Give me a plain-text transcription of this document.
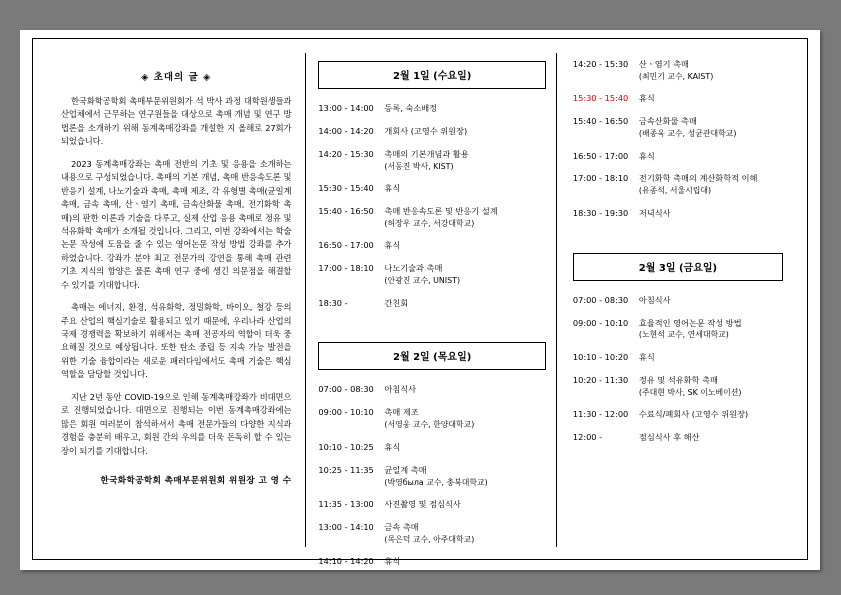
◈ 초대의 글 ◈

한국화학공학회 촉매부문위원회가 석 박사 과정 대학원생들과 산업체에서 근무하는 연구원들을 대상으로 촉매 개념 및 연구 방법론을 소개하기 위해 동계촉매강좌를 개설한 지 올해로 27회가 되었습니다.

2023 동계촉매강좌는 촉매 전반의 기초 및 응용을 소개하는 내용으로 구성되었습니다. 촉매의 기본 개념, 촉매 반응속도론 및 반응기 설계, 나노기술과 촉매, 촉매 제조, 각 유형별 촉매(균일계 촉매, 금속 촉매, 산ㆍ염기 촉매, 금속산화물 촉매, 전기화학 촉매)의 판한 이론과 기술을 다루고, 실제 산업 응용 촉매로 정유 및 석유화학 촉매가 소개될 것입니다. 그리고, 이번 강좌에서는 학술논문 작성에 도움을 줄 수 있는 영어논문 작성 방법 강좌를 추가하였습니다. 강좌가 분야 최고 전문가의 강연을 통해 촉매 관련 기초 지식의 함양은 물론 촉매 연구 중에 생긴 의문점을 해결할 수 있기를 기대합니다.

촉매는 에너지, 환경, 석유화학, 정밀화학, 바이오, 철강 등의 주요 산업의 핵심기술로 활용되고 있기 때문에, 우리나라 산업의 국제 경쟁력을 확보하기 위해서는 촉매 전공자의 역할이 더욱 중요해질 것으로 예상됩니다. 또한 탄소 중립 등 지속 가능 발전을 위한 기술 융합이라는 새로운 패러다임에서도 촉매 기술은 핵심 역할을 담당할 것입니다.

지난 2년 동안 COVID-19으로 인해 동계촉매강좌가 비대면으로 진행되었습니다. 대면으로 진행되는 이번 동계촉매강좌에는 많은 회원 여러분이 참석하셔서 촉매 전문가들의 다양한 지식과 경험을 충분히 배우고, 회원 간의 우의를 더욱 돈독히 할 수 있는 장이 되기를 기대합니다.

한국화학공학회 촉매부문위원회 위원장 고 영 수
2월 1일 (수요일)
13:00 - 14:00	등록, 숙소배정
14:00 - 14:20	개회사 (고영수 위원장)
14:20 - 15:30	촉매의 기본개념과 활용
(서동진 박사, KIST)

15:30 - 15:40	휴식
15:40 - 16:50	촉매 반응속도론 및 반응기 설계
(허장우 교수, 서강대학교)

16:50 - 17:00	휴식
17:00 - 18:10	나노기술과 촉매
(안광진 교수, UNIST)

18:30 -	간친회
2월 2일 (목요일)
07:00 - 08:30	아침식사
09:00 - 10:10	촉매 제조
(서영웅 교수, 한양대학교)

10:10 - 10:25	휴식
10:25 - 11:35	균일계 촉매
(박영была 교수, 충북대학교)

11:35 - 13:00	사진촬영 및 점심식사
13:00 - 14:10	금속 촉매
(목은덕 교수, 아주대학교)

14:10 - 14:20	휴식
14:20 - 15:30	산ㆍ염기 촉매
(최민기 교수, KAIST)

15:30 - 15:40	휴식
15:40 - 16:50	금속산화물 촉매
(배종욱 교수, 성균관대학교)

16:50 - 17:00	휴식
17:00 - 18:10	전기화학 촉매의 계산화학적 이해
(유종석, 서울시립대)

18:30 - 19:30	저녁식사
2월 3일 (금요일)
07:00 - 08:30	아침식사
09:00 - 10:10	효율적인 영어논문 작성 방법
(노현석 교수, 연세대학교)

10:10 - 10:20	휴식
10:20 - 11:30	정유 및 석유화학 촉매
(주대현 박사, SK 이노베이션)

11:30 - 12:00	수료식/폐회사 (고영수 위원장)
12:00 -	점심식사 후 해산
